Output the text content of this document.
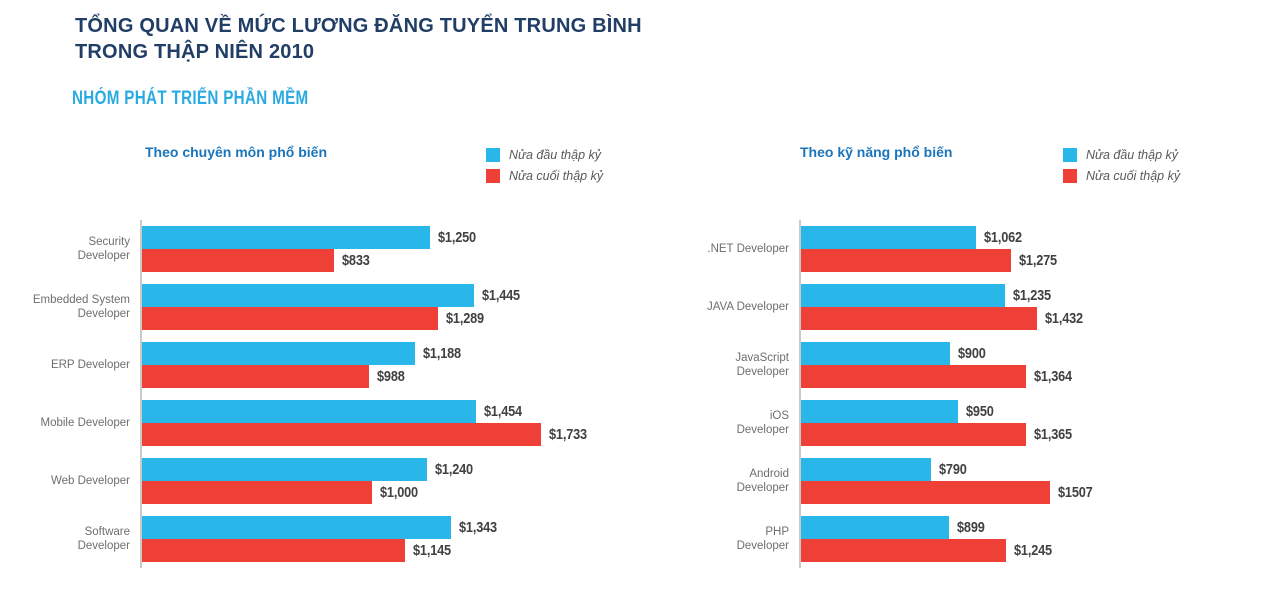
TỔNG QUAN VỀ MỨC LƯƠNG ĐĂNG TUYỂN TRUNG BÌNH
TRONG THẬP NIÊN 2010
NHÓM PHÁT TRIỂN PHẦN MỀM
Theo chuyên môn phổ biến	Theo kỹ năng phổ biến
Nửa đầu thập kỷ
Nửa cuối thập kỷ
Nửa đầu thập kỷ
Nửa cuối thập kỷ
Security
Developer
$1,250
$833
Embedded System
Developer
$1,445
$1,289
ERP Developer
$1,188
$988
Mobile Developer
$1,454
$1,733
Web Developer
$1,240
$1,000
Software
Developer
$1,343
$1,145
.NET Developer
$1,062
$1,275
JAVA Developer
$1,235
$1,432
JavaScript
Developer
$900
$1,364
iOS
Developer
$950
$1,365
Android
Developer
$790
$1507
PHP
Developer
$899
$1,245
